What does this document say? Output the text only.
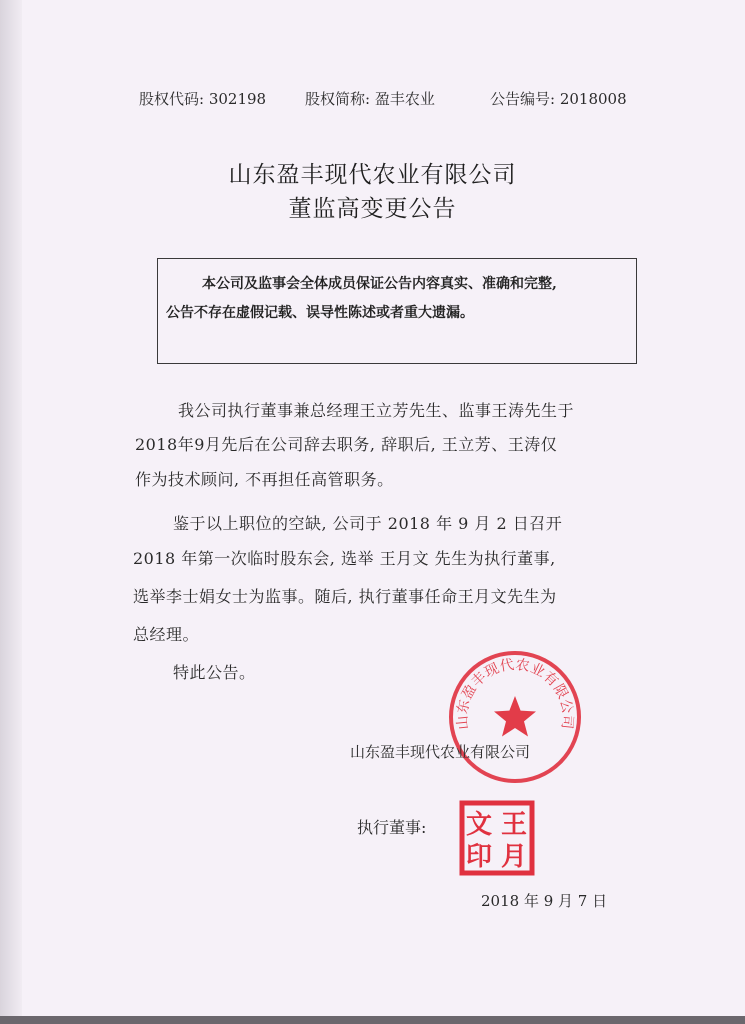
股权代码: 302198	股权简称: 盈丰农业	公告编号: 2018008
山东盈丰现代农业有限公司
董监高变更公告
本公司及监事会全体成员保证公告内容真实、准确和完整,
公告不存在虚假记载、误导性陈述或者重大遗漏。
我公司执行董事兼总经理王立芳先生、监事王涛先生于
2018年9月先后在公司辞去职务, 辞职后, 王立芳、王涛仅
作为技术顾问, 不再担任高管职务。
鉴于以上职位的空缺, 公司于 2018 年 9 月 2 日召开
2018 年第一次临时股东会, 选举 王月文 先生为执行董事,
选举李士娟女士为监事。随后, 执行董事任命王月文先生为
总经理。
特此公告。
山东盈丰现代农业有限公司
山东盈丰现代农业有限公司
执行董事: 文 王
印 月
2018 年 9 月 7 日
